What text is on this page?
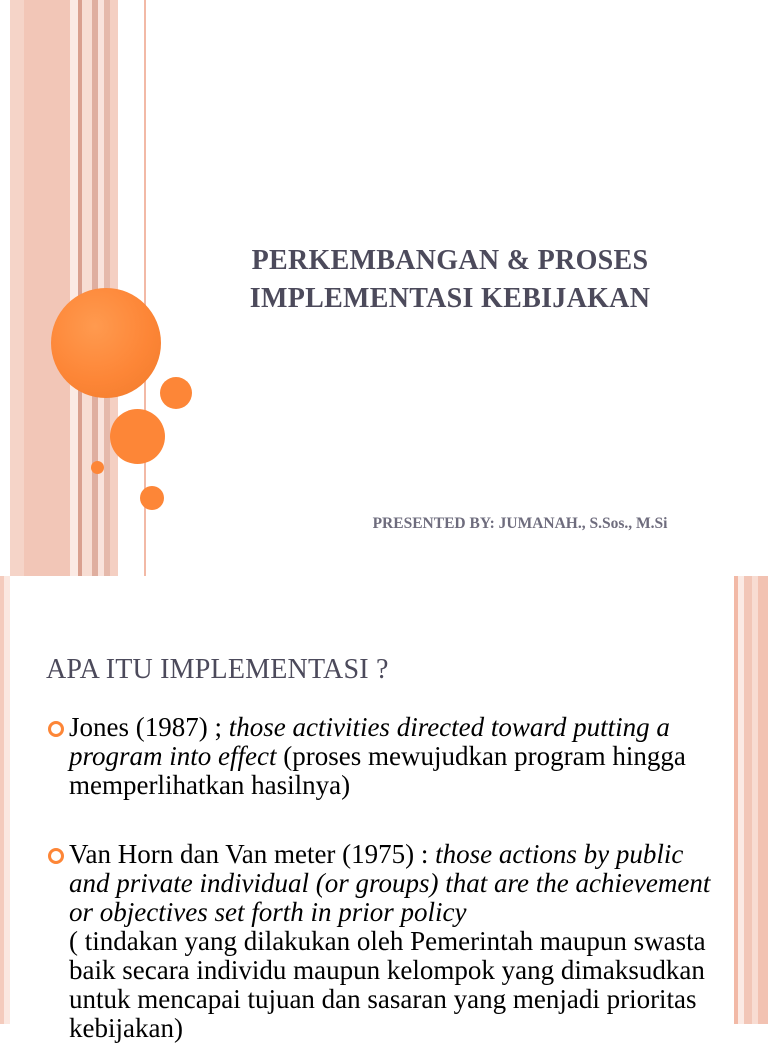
PERKEMBANGAN & PROSES
IMPLEMENTASI KEBIJAKAN
PRESENTED BY: JUMANAH., S.Sos., M.Si
APA ITU IMPLEMENTASI ?
Jones (1987) ; those activities directed toward putting a program into effect (proses mewujudkan program hingga memperlihatkan hasilnya)
Van Horn dan Van meter (1975) : those actions by public and private individual (or groups) that are the achievement or objectives set forth in prior policy
( tindakan yang dilakukan oleh Pemerintah maupun swasta baik secara individu maupun kelompok yang dimaksudkan untuk mencapai tujuan dan sasaran yang menjadi prioritas kebijakan)
